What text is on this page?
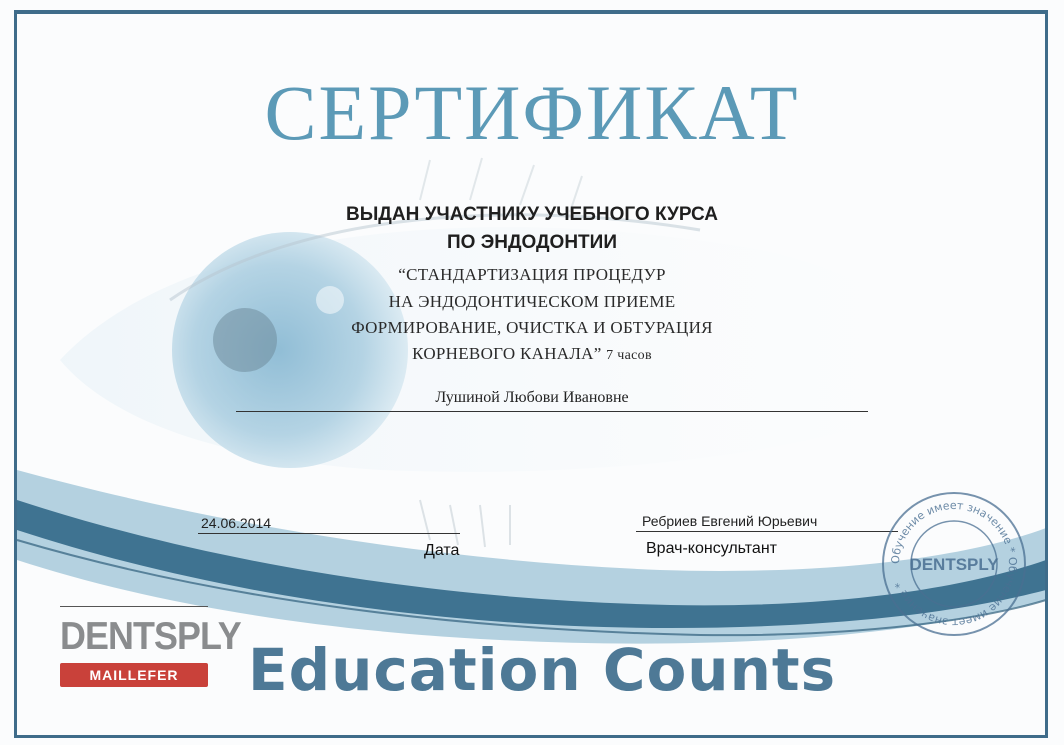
СЕРТИФИКАТ
ВЫДАН УЧАСТНИКУ УЧЕБНОГО КУРСА
ПО ЭНДОДОНТИИ
“СТАНДАРТИЗАЦИЯ ПРОЦЕДУР
НА ЭНДОДОНТИЧЕСКОМ ПРИЕМЕ
ФОРМИРОВАНИЕ, ОЧИСТКА И ОБТУРАЦИЯ
КОРНЕВОГО КАНАЛА” 7 часов
Лушиной Любови Ивановне
24.06.2014
Дата
Ребриев Евгений Юрьевич
Врач-консультант
DENTSPLY
MAILLEFER	Education Counts
Обучение имеет значение * Обучение имеет значение *
DENTSPLY
